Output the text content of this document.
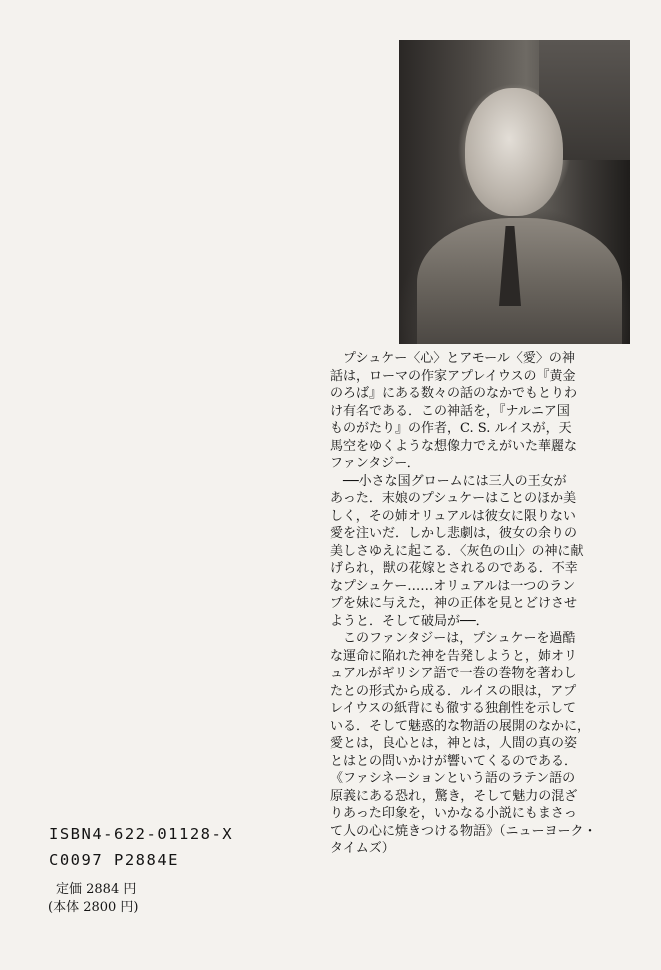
　プシュケー〈心〉とアモール〈愛〉の神

話は，ローマの作家アプレイウスの『黄金

のろば』にある数々の話のなかでもとりわ

け有名である．この神話を，『ナルニア国

ものがたり』の作者，C. S. ルイスが，天

馬空をゆくような想像力でえがいた華麗な

ファンタジー．

　──小さな国グロームには三人の王女が

あった．末娘のプシュケーはことのほか美

しく，その姉オリュアルは彼女に限りない

愛を注いだ．しかし悲劇は，彼女の余りの

美しさゆえに起こる．〈灰色の山〉の神に献

げられ，獣の花嫁とされるのである．不幸

なプシュケー……オリュアルは一つのラン

プを妹に与えた，神の正体を見とどけさせ

ようと．そして破局が──．

　このファンタジーは，プシュケーを過酷

な運命に陥れた神を告発しようと，姉オリ

ュアルがギリシア語で一巻の巻物を著わし

たとの形式から成る．ルイスの眼は，アプ

レイウスの紙背にも徹する独創性を示して

いる．そして魅惑的な物語の展開のなかに，

愛とは，良心とは，神とは，人間の真の姿

とはとの問いかけが響いてくるのである．

《ファシネーションという語のラテン語の

原義にある恐れ，驚き，そして魅力の混ざ

りあった印象を，いかなる小説にもまさっ

て人の心に焼きつける物語》（ニューヨーク・

タイムズ）

ISBN4-622-01128-X

C0097 P2884E

定価 2884 円

(本体 2800 円)
